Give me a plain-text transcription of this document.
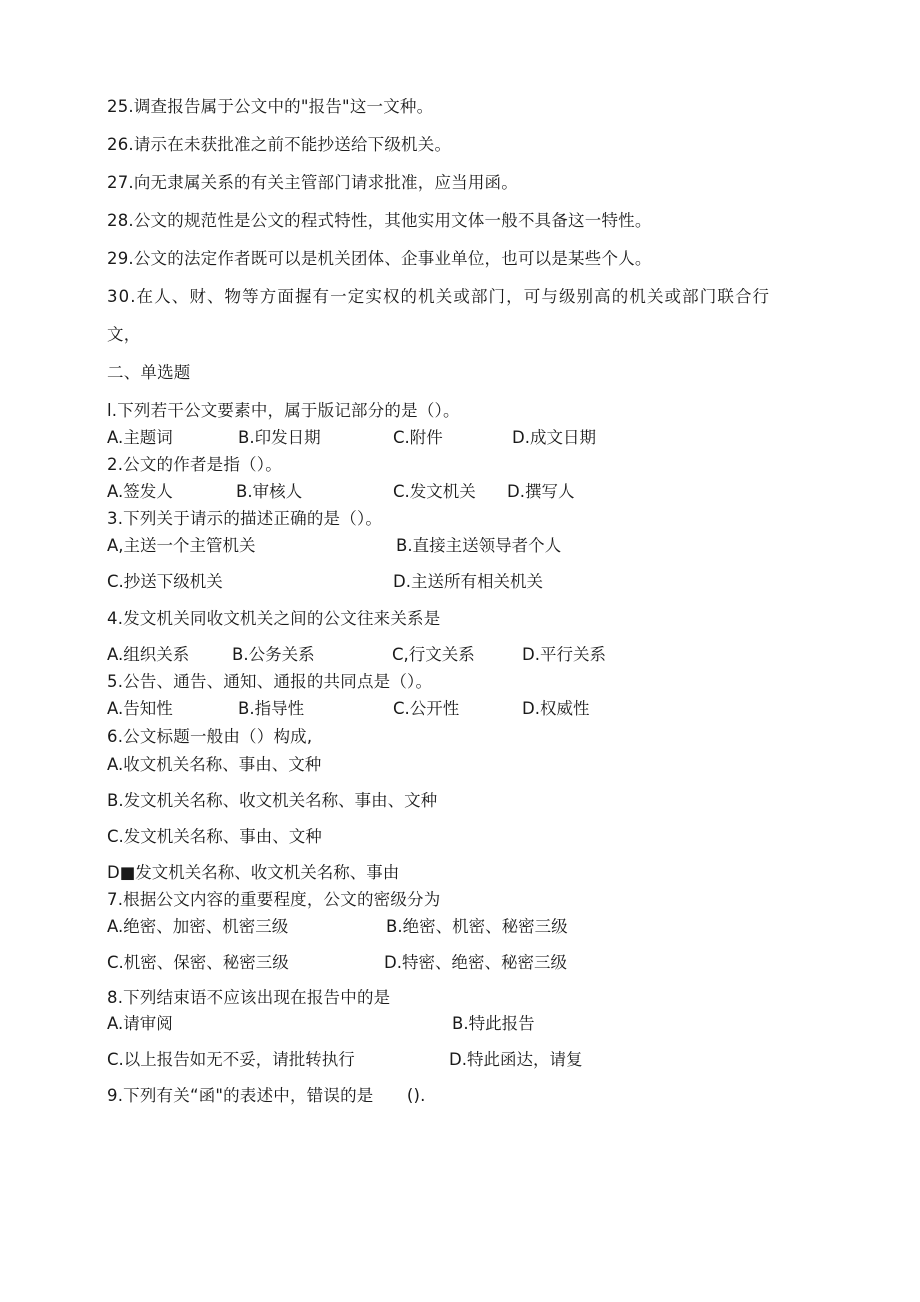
25.调查报告属于公文中的"报告"这一文种。
26.请示在未获批准之前不能抄送给下级机关。
27.向无隶属关系的有关主管部门请求批准，应当用函。
28.公文的规范性是公文的程式特性，其他实用文体一般不具备这一特性。
29.公文的法定作者既可以是机关团体、企事业单位，也可以是某些个人。
30.在人、财、物等方面握有一定实权的机关或部门，可与级别高的机关或部门联合行
文，
二、单选题
l.下列若干公文要素中，属于版记部分的是（）。
A.主题词	B.印发日期	C.附件	D.成文日期
2.公文的作者是指（）。
A.签发人	B.审核人	C.发文机关 D.撰写人
3.下列关于请示的描述正确的是（）。
A,主送一个主管机关	B.直接主送领导者个人
C.抄送下级机关	D.主送所有相关机关
4.发文机关同收文机关之间的公文往来关系是
A.组织关系	B.公务关系	C,行文关系	D.平行关系
5.公告、通告、通知、通报的共同点是（）。
A.告知性	B.指导性	C.公开性	D.权威性
6.公文标题一般由（）构成,
A.收文机关名称、事由、文种
B.发文机关名称、收文机关名称、事由、文种
C.发文机关名称、事由、文种
D■发文机关名称、收文机关名称、事由
7.根据公文内容的重要程度，公文的密级分为
A.绝密、加密、机密三级	B.绝密、机密、秘密三级
C.机密、保密、秘密三级	D.特密、绝密、秘密三级
8.下列结束语不应该出现在报告中的是
A.请审阅	B.特此报告
C.以上报告如无不妥，请批转执行	D.特此函达，请复
9.下列有关“函"的表述中，错误的是　　().
